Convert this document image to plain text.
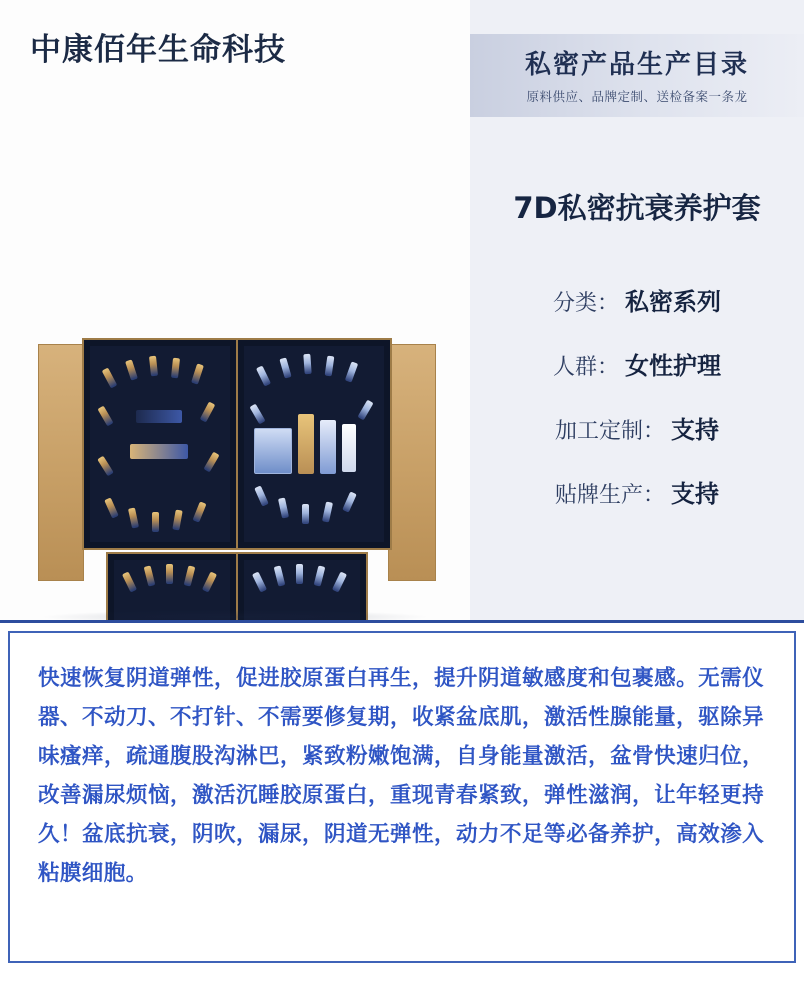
中康佰年生命科技	私密产品生产目录
原料供应、品牌定制、送检备案一条龙
7D私密抗衰养护套
分类： 私密系列
人群： 女性护理
加工定制： 支持
贴牌生产： 支持
快速恢复阴道弹性，促进胶原蛋白再生，提升阴道敏感度和包裹感。无需仪器、不动刀、不打针、不需要修复期，收紧盆底肌，激活性腺能量，驱除异味瘙痒，疏通腹股沟淋巴，紧致粉嫩饱满，自身能量激活，盆骨快速归位，改善漏尿烦恼，激活沉睡胶原蛋白，重现青春紧致，弹性滋润，让年轻更持久！盆底抗衰，阴吹，漏尿，阴道无弹性，动力不足等必备养护，高效渗入粘膜细胞。
